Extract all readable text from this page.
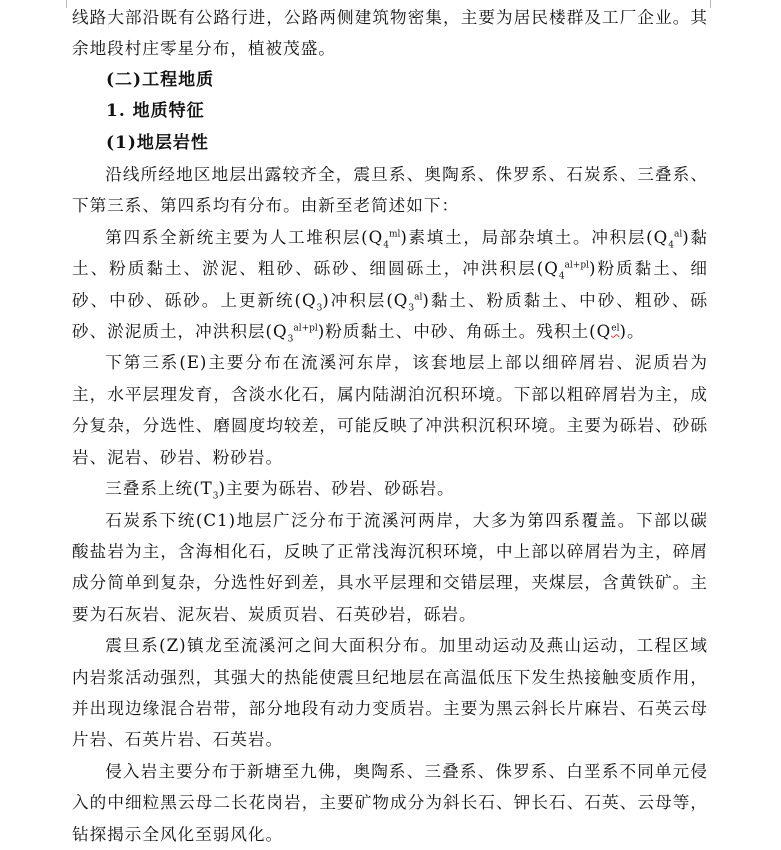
线路大部沿既有公路行进，公路两侧建筑物密集，主要为居民楼群及工厂企业。其余地段村庄零星分布，植被茂盛。

(二)工程地质

1. 地质特征

(1)地层岩性

沿线所经地区地层出露较齐全，震旦系、奥陶系、侏罗系、石炭系、三叠系、下第三系、第四系均有分布。由新至老简述如下：

第四系全新统主要为人工堆积层$(Q_4^{ml})$素填土，局部杂填土。冲积层$(Q_4^{al})$黏土、粉质黏土、淤泥、粗砂、砾砂、细圆砾土，冲洪积层$(Q_4^{al+pl})$粉质黏土、细砂、中砂、砾砂。上更新统$(Q_3)$冲积层$(Q_3^{al})$黏土、粉质黏土、中砂、粗砂、砾砂、淤泥质土，冲洪积层$(Q_3^{al+pl})$粉质黏土、中砂、角砾土。残积土$(Q^{el})$。

下第三系(E)主要分布在流溪河东岸，该套地层上部以细碎屑岩、泥质岩为主，水平层理发育，含淡水化石，属内陆湖泊沉积环境。下部以粗碎屑岩为主，成分复杂，分选性、磨圆度均较差，可能反映了冲洪积沉积环境。主要为砾岩、砂砾岩、泥岩、砂岩、粉砂岩。

三叠系上统$(T_3)$主要为砾岩、砂岩、砂砾岩。

石炭系下统(C1)地层广泛分布于流溪河两岸，大多为第四系覆盖。下部以碳酸盐岩为主，含海相化石，反映了正常浅海沉积环境，中上部以碎屑岩为主，碎屑成分简单到复杂，分选性好到差，具水平层理和交错层理，夹煤层，含黄铁矿。主要为石灰岩、泥灰岩、炭质页岩、石英砂岩，砾岩。

震旦系(Z)镇龙至流溪河之间大面积分布。加里动运动及燕山运动，工程区域内岩浆活动强烈，其强大的热能使震旦纪地层在高温低压下发生热接触变质作用，并出现边缘混合岩带，部分地段有动力变质岩。主要为黑云斜长片麻岩、石英云母片岩、石英片岩、石英岩。

侵入岩主要分布于新塘至九佛，奥陶系、三叠系、侏罗系、白垩系不同单元侵入的中细粒黑云母二长花岗岩，主要矿物成分为斜长石、钾长石、石英、云母等，钻探揭示全风化至弱风化。
